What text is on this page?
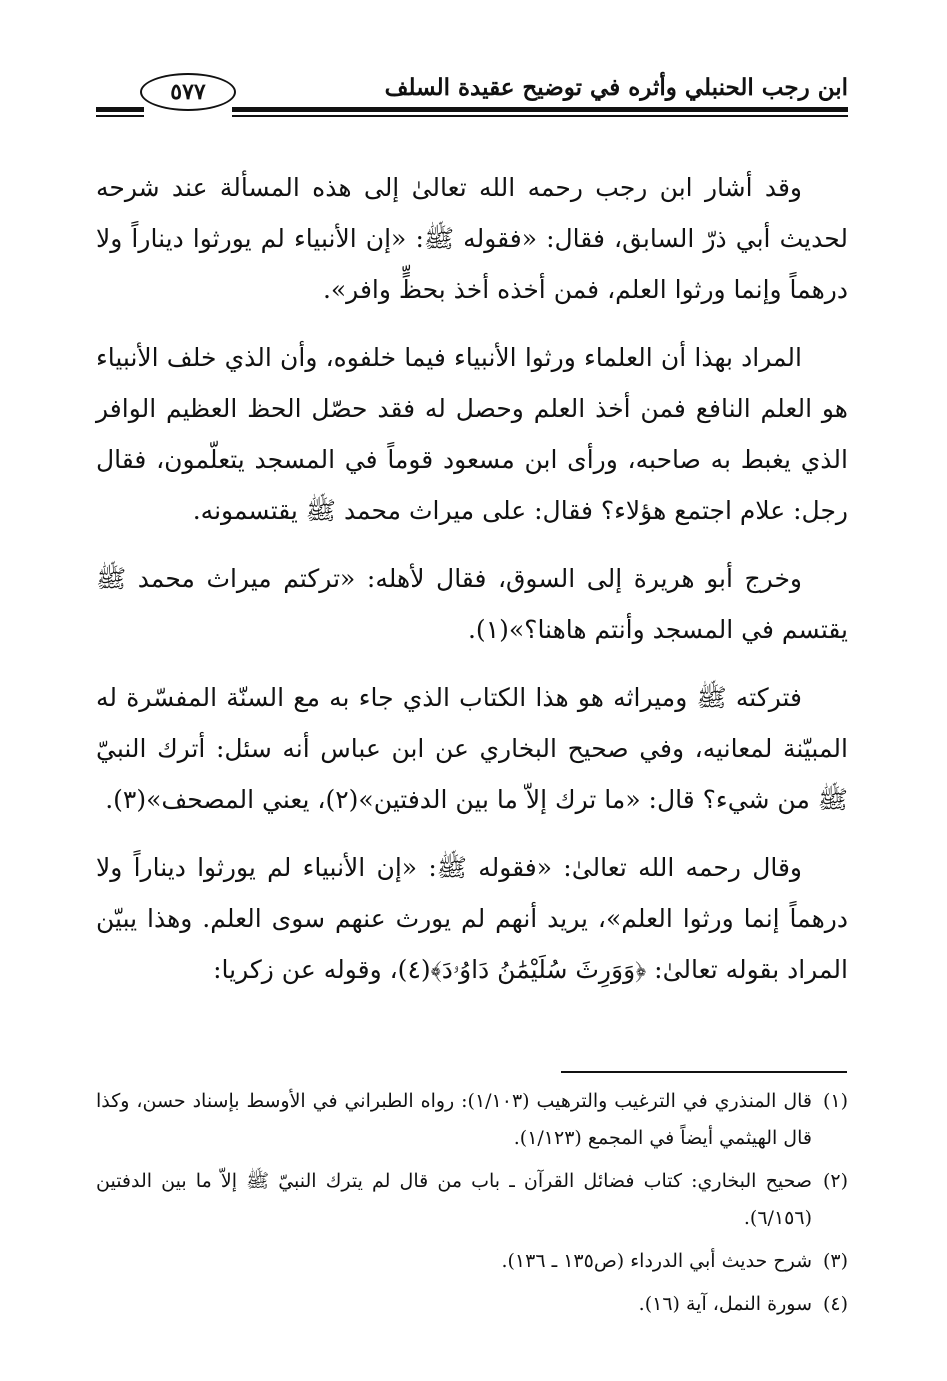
ابن رجب الحنبلي وأثره في توضيح عقيدة السلف
٥٧٧

وقد أشار ابن رجب رحمه الله تعالىٰ إلى هذه المسألة عند شرحه لحديث أبي ذرّ السابق، فقال: «فقوله ﷺ: «إن الأنبياء لم يورثوا ديناراً ولا درهماً وإنما ورثوا العلم، فمن أخذه أخذ بحظٍّ وافر».

المراد بهذا أن العلماء ورثوا الأنبياء فيما خلفوه، وأن الذي خلف الأنبياء هو العلم النافع فمن أخذ العلم وحصل له فقد حصّل الحظ العظيم الوافر الذي يغبط به صاحبه، ورأى ابن مسعود قوماً في المسجد يتعلّمون، فقال رجل: علام اجتمع هؤلاء؟ فقال: على ميراث محمد ﷺ يقتسمونه.

وخرج أبو هريرة إلى السوق، فقال لأهله: «تركتم ميراث محمد ﷺ يقتسم في المسجد وأنتم هاهنا؟»(١).

فتركته ﷺ وميراثه هو هذا الكتاب الذي جاء به مع السنّة المفسّرة له المبيّنة لمعانيه، وفي صحيح البخاري عن ابن عباس أنه سئل: أترك النبيّ ﷺ من شيء؟ قال: «ما ترك إلاّ ما بين الدفتين»(٢)، يعني المصحف»(٣).

وقال رحمه الله تعالىٰ: «فقوله ﷺ: «إن الأنبياء لم يورثوا ديناراً ولا درهماً إنما ورثوا العلم»، يريد أنهم لم يورث عنهم سوى العلم. وهذا يبيّن المراد بقوله تعالىٰ: ﴿وَوَرِثَ سُلَيْمَٰنُ دَاوُۥدَ﴾(٤)، وقوله عن زكريا:

(١)
قال المنذري في الترغيب والترهيب (١/١٠٣): رواه الطبراني في الأوسط بإسناد حسن، وكذا قال الهيثمي أيضاً في المجمع (١/١٢٣).
(٢)
صحيح البخاري: كتاب فضائل القرآن ـ باب من قال لم يترك النبيّ ﷺ إلاّ ما بين الدفتين (٦/١٥٦).
(٣)
شرح حديث أبي الدرداء (ص١٣٥ ـ ١٣٦).
(٤)
سورة النمل، آية (١٦).
